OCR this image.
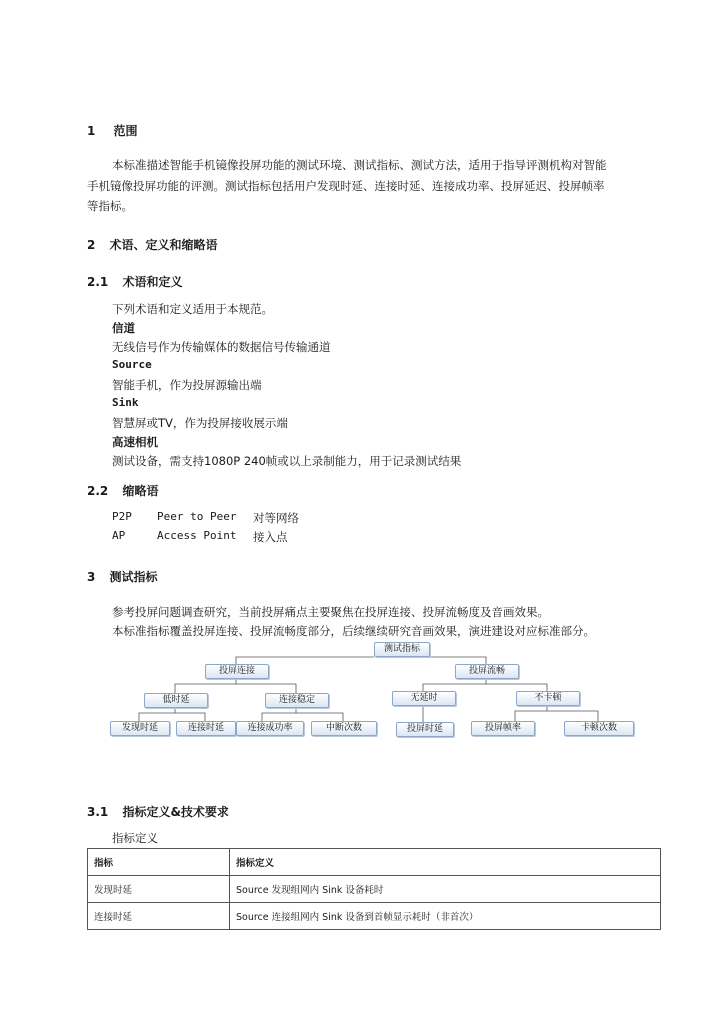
1 范围
本标准描述智能手机镜像投屏功能的测试环境、测试指标、测试方法，适用于指导评测机构对智能
手机镜像投屏功能的评测。测试指标包括用户发现时延、连接时延、连接成功率、投屏延迟、投屏帧率
等指标。
2 术语、定义和缩略语
2.1 术语和定义
下列术语和定义适用于本规范。
信道
无线信号作为传输媒体的数据信号传输通道
Source
智能手机，作为投屏源输出端
Sink
智慧屏或TV，作为投屏接收展示端
高速相机
测试设备，需支持1080P 240帧或以上录制能力，用于记录测试结果
2.2 缩略语
P2P Peer to Peer 对等网络
AP	Access Point 接入点
3 测试指标
参考投屏问题调查研究，当前投屏痛点主要聚焦在投屏连接、投屏流畅度及音画效果。
本标准指标覆盖投屏连接、投屏流畅度部分，后续继续研究音画效果，演进建设对应标准部分。
测试指标
投屏连接	投屏流畅
低时延	连接稳定	无延时	不卡顿
发现时延	连接时延	连接成功率	中断次数	投屏时延	投屏帧率	卡顿次数
3.1 指标定义&技术要求
指标定义
指标	指标定义
发现时延	Source 发现组网内 Sink 设备耗时
连接时延	Source 连接组网内 Sink 设备到首帧显示耗时（非首次）
